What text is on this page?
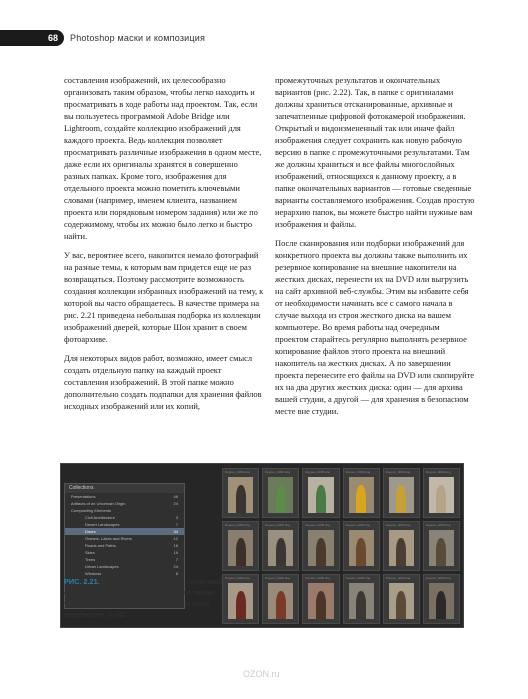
68	Photoshop маски и композиция

составления изображений, их целесообразно организовать таким образом, чтобы легко находить и просматривать в ходе работы над проектом. Так, если вы пользуетесь программой Adobe Bridge или Lightroom, создайте коллекцию изображений для каждого проекта. Ведь коллекция позволяет просматривать различные изображения в одном месте, даже если их оригиналы хранятся в совершенно разных папках. Кроме того, изображения для отдельного проекта можно пометить ключевыми словами (например, именем клиента, названием проекта или порядковым номером задания) или же по содержимому, чтобы их можно было легко и быстро найти.

У вас, вероятнее всего, накопится немало фотографий на разные темы, к которым вам придется еще не раз возвращаться. Поэтому рассмотрите возможность создания коллекции избранных изображений на тему, к которой вы часто обращаетесь. В качестве примера на рис. 2.21 приведена небольшая подборка из коллекции изображений дверей, которые Шон хранит в своем фотоархиве.

Для некоторых видов работ, возможно, имеет смысл создать отдельную папку на каждый проект составления изображений. В этой папке можно дополнительно создать подпапки для хранения файлов исходных изображений или их копий,

промежуточных результатов и окончательных вариантов (рис. 2.22). Так, в папке с оригиналами должны храниться отсканированные, архивные и запечатленные цифровой фотокамерой изображения. Открытый и видоизмененный так или иначе файл изображения следует сохранить как новую рабочую версию в папке с промежуточными результатами. Там же должны храниться и все файлы многослойных изображений, относящихся к данному проекту, а в папке окончательных вариантов — готовые сведенные варианты составляемого изображения. Создав простую иерархию папок, вы можете быстро найти нужные вам изображения и файлы.

После сканирования или подборки изображений для конкретного проекта вы должны также выполнить их резервное копирование на внешние накопители на жестких дисках, перенести их на DVD или выгрузить на сайт архивной веб-службы. Этим вы избавите себя от необходимости начинать все с самого начала в случае выхода из строя жесткого диска на вашем компьютере. Во время работы над очередным проектом старайтесь регулярно выполнять резервное копирование файлов этого проекта на внешний накопитель на жестких дисках. А по завершении проекта перенесите его файлы на DVD или скопируйте их на два других жестких диска: один — для архива вашей студии, а другой — для хранения в безопасном месте вне студии.

Collections
Presentations	46
Artifacts of an Uncertain Origin	24
Compositing Elements
Civil Architecture	3
Desert Landscapes	7
Doors	34
Oceans, Lakes and Rivers	12
Roads and Paths	16
Skies	19
Trees	7
Urban Landscapes	24
Windows	8
Doppen_0000.dng	Doppen_0000.dng	Doppen_0000.dng	Doppen_0000.dng	Doppen_0000.dng	Doppen_0000.dng
Doppen_0000.dng	Doppen_0000.dng	Doppen_0000.dng	Doppen_0000.dng	Doppen_0000.dng	Doppen_0000.dng
Doppen_0000.dng	Doppen_0000.dng	Doppen_0000.dng	Doppen_0000.dng	Doppen_0000.dng	Doppen_0000.dng
РИС. 2.21. Коллекции в Lightroom — отличный способ организовать изображения по темам, чтобы быстро и легко находить их по мере надобности, © SD
OZON.ru
